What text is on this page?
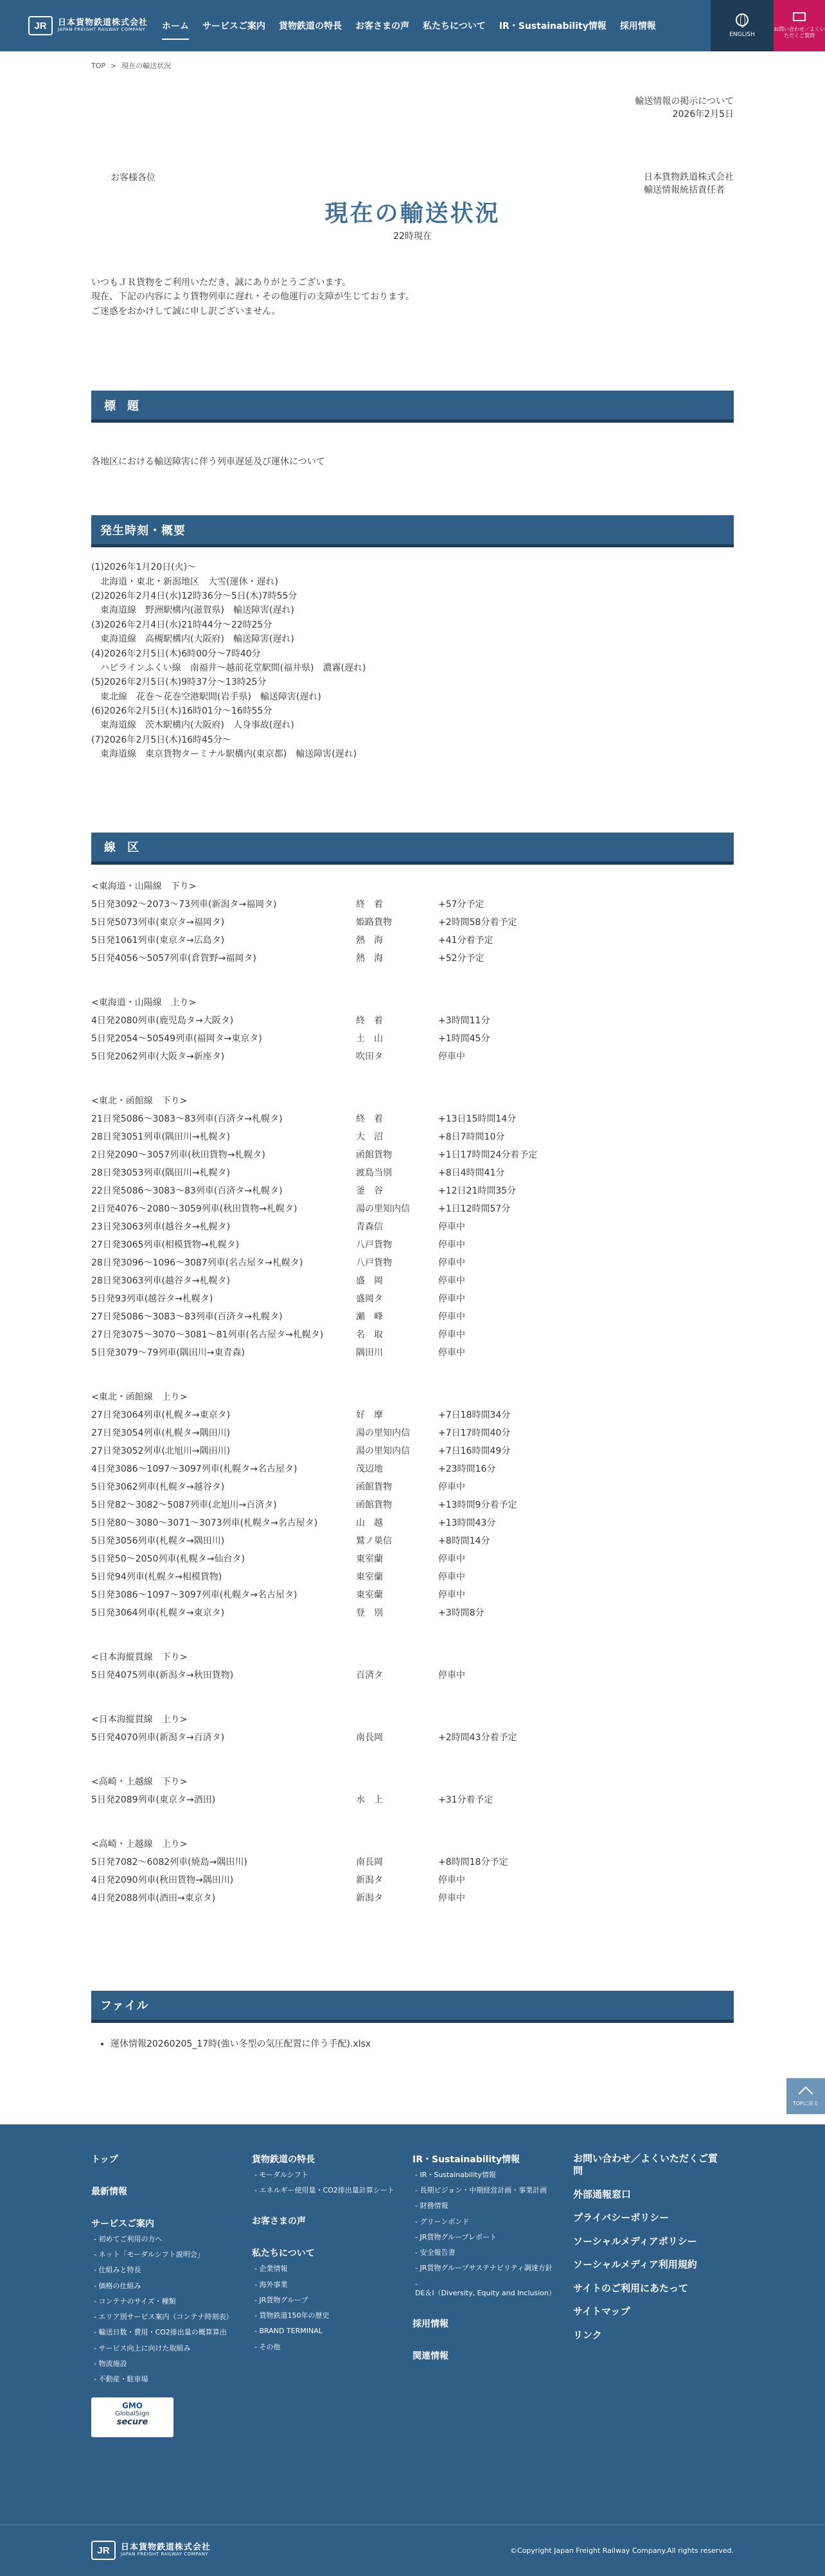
JR	日本貨物鉄道株式会社
JAPAN FREIGHT RAILWAY COMPANY ホーム サービスご案内 貨物鉄道の特長 お客さまの声 私たちについて IR・Sustainability情報 採用情報
ENGLISH
お問い合わせ／よくいただくご質問
TOP > 現在の輸送状況
輸送情報の掲示について
2026年2月5日
お客様各位	日本貨物鉄道株式会社
輸送情報統括責任者
現在の輸送状況
22時現在
いつもＪＲ貨物をご利用いただき、誠にありがとうございます。
現在、下記の内容により貨物列車に遅れ・その他運行の支障が生じております。
ご迷惑をおかけして誠に申し訳ございません。
標題
各地区における輸送障害に伴う列車遅延及び運休について
発生時刻・概要
(1)2026年1月20日(火)〜
　北海道・東北・新潟地区　大雪(運休・遅れ)
(2)2026年2月4日(水)12時36分〜5日(木)7時55分
　東海道線　野洲駅構内(滋賀県)　輸送障害(遅れ)
(3)2026年2月4日(水)21時44分〜22時25分
　東海道線　高槻駅構内(大阪府)　輸送障害(遅れ)
(4)2026年2月5日(木)6時00分〜7時40分
　ハピラインふくい線　南福井〜越前花堂駅間(福井県)　濃霧(遅れ)
(5)2026年2月5日(木)9時37分〜13時25分
　東北線　花巻〜花巻空港駅間(岩手県)　輸送障害(遅れ)
(6)2026年2月5日(木)16時01分〜16時55分
　東海道線　茨木駅構内(大阪府)　人身事故(遅れ)
(7)2026年2月5日(木)16時45分〜
　東海道線　東京貨物ターミナル駅構内(東京都)　輸送障害(遅れ)
線区
<東海道・山陽線　下り>
5日発3092〜2073〜73列車(新潟タ→福岡タ)	終　着	+57分予定
5日発5073列車(東京タ→福岡タ)	姫路貨物	+2時間58分着予定
5日発1061列車(東京タ→広島タ)	熱　海	+41分着予定
5日発4056〜5057列車(倉賀野→福岡タ)	熱　海	+52分予定
<東海道・山陽線　上り>
4日発2080列車(鹿児島タ→大阪タ)	終　着	+3時間11分
5日発2054〜50549列車(福岡タ→東京タ)	土　山	+1時間45分
5日発2062列車(大阪タ→新座タ)	吹田タ	停車中
<東北・函館線　下り>
21日発5086〜3083〜83列車(百済タ→札幌タ)	終　着	+13日15時間14分
28日発3051列車(隅田川→札幌タ)	大　沼	+8日7時間10分
2日発2090〜3057列車(秋田貨物→札幌タ)	函館貨物	+1日17時間24分着予定
28日発3053列車(隅田川→札幌タ)	渡島当別	+8日4時間41分
22日発5086〜3083〜83列車(百済タ→札幌タ)	釜　谷	+12日21時間35分
2日発4076〜2080〜3059列車(秋田貨物→札幌タ)	湯の里知内信	+1日12時間57分
23日発3063列車(越谷タ→札幌タ)	青森信	停車中
27日発3065列車(相模貨物→札幌タ)	八戸貨物	停車中
28日発3096〜1096〜3087列車(名古屋タ→札幌タ)	八戸貨物	停車中
28日発3063列車(越谷タ→札幌タ)	盛　岡	停車中
5日発93列車(越谷タ→札幌タ)	盛岡タ	停車中
27日発5086〜3083〜83列車(百済タ→札幌タ)	瀬　峰	停車中
27日発3075〜3070〜3081〜81列車(名古屋タ→札幌タ)	名　取	停車中
5日発3079〜79列車(隅田川→東青森)	隅田川	停車中
<東北・函館線　上り>
27日発3064列車(札幌タ→東京タ)	好　摩	+7日18時間34分
27日発3054列車(札幌タ→隅田川)	湯の里知内信	+7日17時間40分
27日発3052列車(北旭川→隅田川)	湯の里知内信	+7日16時間49分
4日発3086〜1097〜3097列車(札幌タ→名古屋タ)	茂辺地	+23時間16分
5日発3062列車(札幌タ→越谷タ)	函館貨物	停車中
5日発82〜3082〜5087列車(北旭川→百済タ)	函館貨物	+13時間9分着予定
5日発80〜3080〜3071〜3073列車(札幌タ→名古屋タ)	山　越	+13時間43分
5日発3056列車(札幌タ→隅田川)	鷲ノ巣信	+8時間14分
5日発50〜2050列車(札幌タ→仙台タ)	東室蘭	停車中
5日発94列車(札幌タ→相模貨物)	東室蘭	停車中
5日発3086〜1097〜3097列車(札幌タ→名古屋タ)	東室蘭	停車中
5日発3064列車(札幌タ→東京タ)	登　別	+3時間8分
<日本海縦貫線　下り>
5日発4075列車(新潟タ→秋田貨物)	百済タ	停車中
<日本海縦貫線　上り>
5日発4070列車(新潟タ→百済タ)	南長岡	+2時間43分着予定
<高崎・上越線　下り>
5日発2089列車(東京タ→酒田)	水　上	+31分着予定
<高崎・上越線　上り>
5日発7082〜6082列車(焼島→隅田川)	南長岡	+8時間18分予定
4日発2090列車(秋田貨物→隅田川)	新潟タ	停車中
4日発2088列車(酒田→東京タ)	新潟タ	停車中
ファイル
• 運休情報20260205_17時(強い冬型の気圧配置に伴う手配).xlsx
TOPに戻る
トップ
最新情報
サービスご案内
- 初めてご利用の方へ
- ネット「モーダルシフト説明会」
- 仕組みと特長
- 価格の仕組み
- コンテナのサイズ・種類
- エリア別サービス案内（コンテナ時刻表）
- 輸送日数・費用・CO2排出量の概算算出
- サービス向上に向けた取組み
- 物流施設
- 不動産・駐車場
GMO
GlobalSign
secure
貨物鉄道の特長
- モーダルシフト
- エネルギー使用量・CO2排出量計算シート
お客さまの声
私たちについて
- 企業情報
- 海外事業
- JR貨物グループ
- 貨物鉄道150年の歴史
- BRAND TERMINAL
- その他
IR・Sustainability情報
- IR・Sustainability情報
- 長期ビジョン・中期経営計画・事業計画
- 財務情報
- グリーンボンド
- JR貨物グループレポート
- 安全報告書
- JR貨物グループサステナビリティ調達方針
- DE＆I（Diversity, Equity and Inclusion）
採用情報
関連情報
お問い合わせ／よくいただくご質問
外部通報窓口
プライバシーポリシー
ソーシャルメディアポリシー
ソーシャルメディア利用規約
サイトのご利用にあたって
サイトマップ
リンク
JR	日本貨物鉄道株式会社
JAPAN FREIGHT RAILWAY COMPANY	©Copyright Japan Freight Railway Company.All rights reserved.
